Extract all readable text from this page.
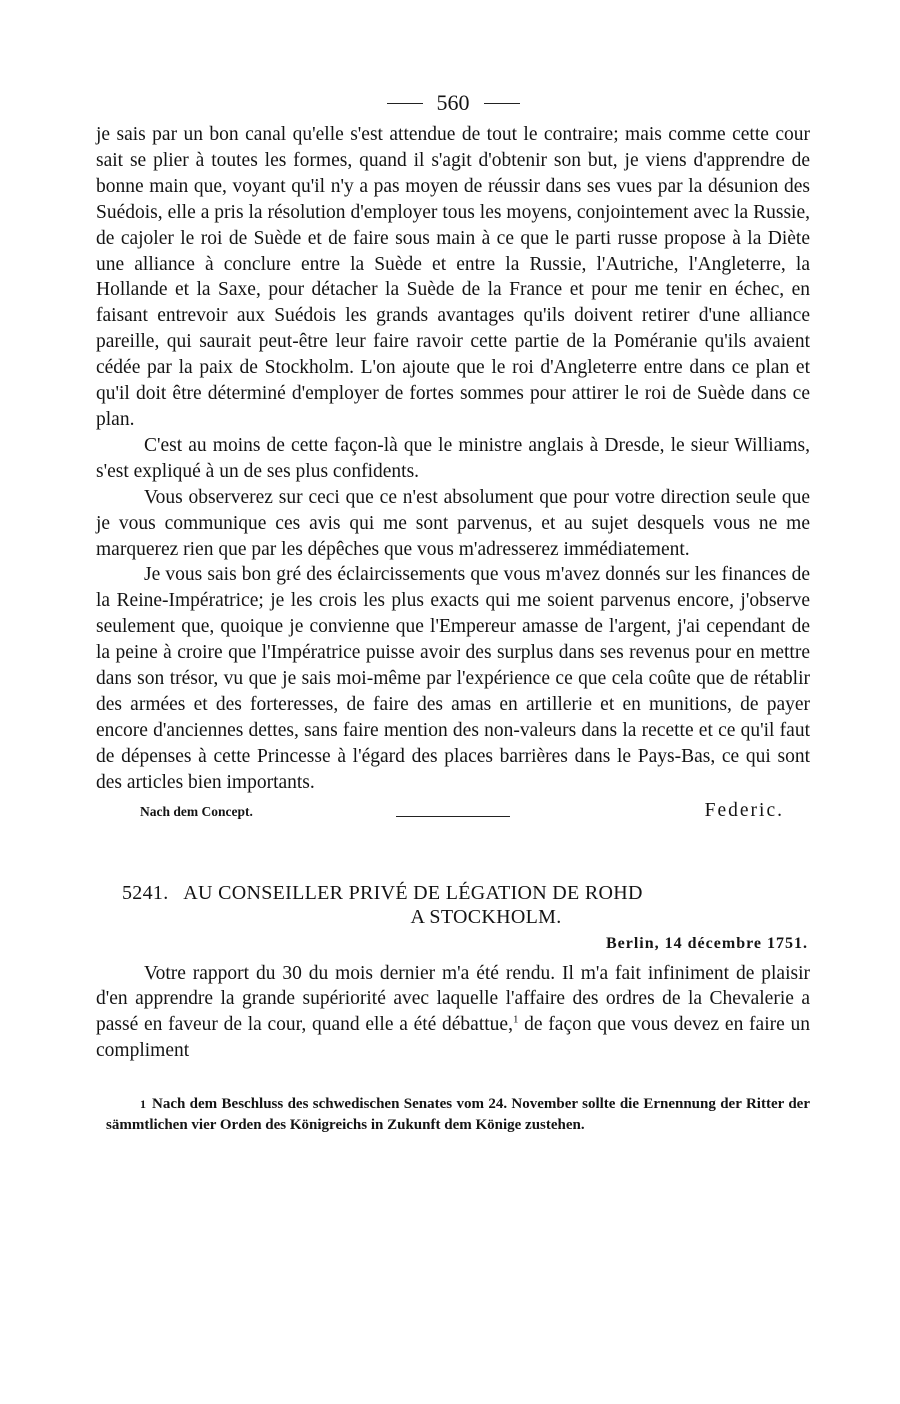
560

je sais par un bon canal qu'elle s'est attendue de tout le contraire; mais comme cette cour sait se plier à toutes les formes, quand il s'agit d'obtenir son but, je viens d'apprendre de bonne main que, voyant qu'il n'y a pas moyen de réussir dans ses vues par la désunion des Suédois, elle a pris la résolution d'employer tous les moyens, conjointement avec la Russie, de cajoler le roi de Suède et de faire sous main à ce que le parti russe propose à la Diète une alliance à conclure entre la Suède et entre la Russie, l'Autriche, l'Angleterre, la Hollande et la Saxe, pour détacher la Suède de la France et pour me tenir en échec, en faisant entrevoir aux Suédois les grands avantages qu'ils doivent retirer d'une alliance pareille, qui saurait peut-être leur faire ravoir cette partie de la Poméranie qu'ils avaient cédée par la paix de Stockholm. L'on ajoute que le roi d'Angleterre entre dans ce plan et qu'il doit être déterminé d'employer de fortes sommes pour attirer le roi de Suède dans ce plan.

C'est au moins de cette façon-là que le ministre anglais à Dresde, le sieur Williams, s'est expliqué à un de ses plus confidents.

Vous observerez sur ceci que ce n'est absolument que pour votre direction seule que je vous communique ces avis qui me sont parvenus, et au sujet desquels vous ne me marquerez rien que par les dépêches que vous m'adresserez immédiatement.

Je vous sais bon gré des éclaircissements que vous m'avez donnés sur les finances de la Reine-Impératrice; je les crois les plus exacts qui me soient parvenus encore, j'observe seulement que, quoique je convienne que l'Empereur amasse de l'argent, j'ai cependant de la peine à croire que l'Impératrice puisse avoir des surplus dans ses revenus pour en mettre dans son trésor, vu que je sais moi-même par l'expérience ce que cela coûte que de rétablir des armées et des forteresses, de faire des amas en artillerie et en munitions, de payer encore d'anciennes dettes, sans faire mention des non-valeurs dans la recette et ce qu'il faut de dépenses à cette Princesse à l'égard des places barrières dans le Pays-Bas, ce qui sont des articles bien importants.

Nach dem Concept.	Federic.
5241. AU CONSEILLER PRIVÉ DE LÉGATION DE ROHD
A STOCKHOLM.
Berlin, 14 décembre 1751.

Votre rapport du 30 du mois dernier m'a été rendu. Il m'a fait infiniment de plaisir d'en apprendre la grande supériorité avec laquelle l'affaire des ordres de la Chevalerie a passé en faveur de la cour, quand elle a été débattue,$^1$ de façon que vous devez en faire un compliment

1 Nach dem Beschluss des schwedischen Senates vom 24. November sollte die Ernennung der Ritter der sämmtlichen vier Orden des Königreichs in Zukunft dem Könige zustehen.
